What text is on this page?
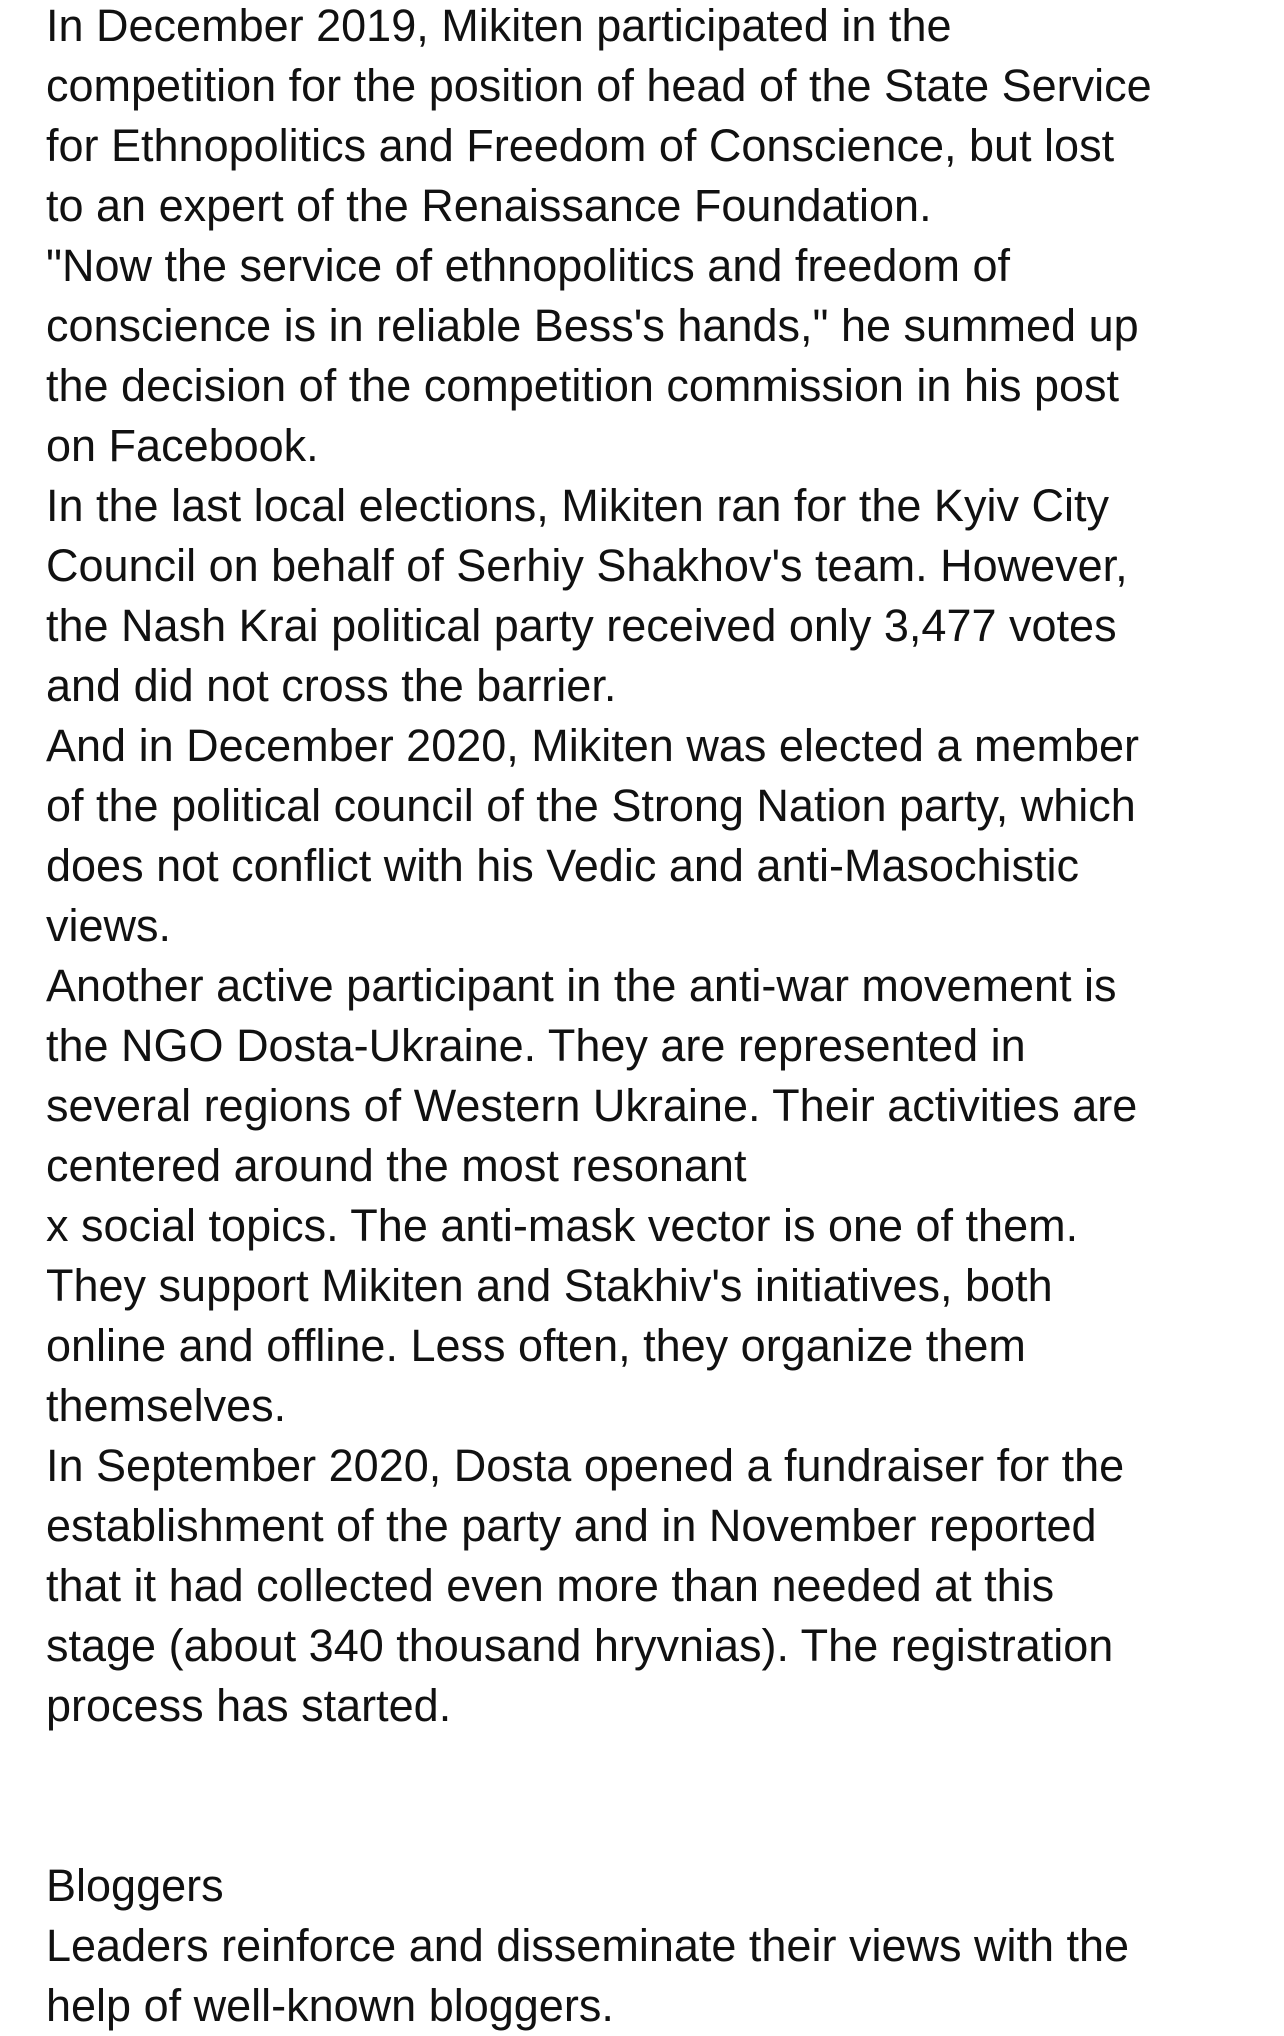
In December 2019, Mikiten participated in the
competition for the position of head of the State Service
for Ethnopolitics and Freedom of Conscience, but lost
to an expert of the Renaissance Foundation.
"Now the service of ethnopolitics and freedom of
conscience is in reliable Bess's hands," he summed up
the decision of the competition commission in his post
on Facebook.
In the last local elections, Mikiten ran for the Kyiv City
Council on behalf of Serhiy Shakhov's team. However,
the Nash Krai political party received only 3,477 votes
and did not cross the barrier.
And in December 2020, Mikiten was elected a member
of the political council of the Strong Nation party, which
does not conflict with his Vedic and anti-Masochistic
views.
Another active participant in the anti-war movement is
the NGO Dosta-Ukraine. They are represented in
several regions of Western Ukraine. Their activities are
centered around the most resonant
x social topics. The anti-mask vector is one of them.
They support Mikiten and Stakhiv's initiatives, both
online and offline. Less often, they organize them
themselves.
In September 2020, Dosta opened a fundraiser for the
establishment of the party and in November reported
that it had collected even more than needed at this
stage (about 340 thousand hryvnias). The registration
process has started.
Bloggers
Leaders reinforce and disseminate their views with the
help of well-known bloggers.
